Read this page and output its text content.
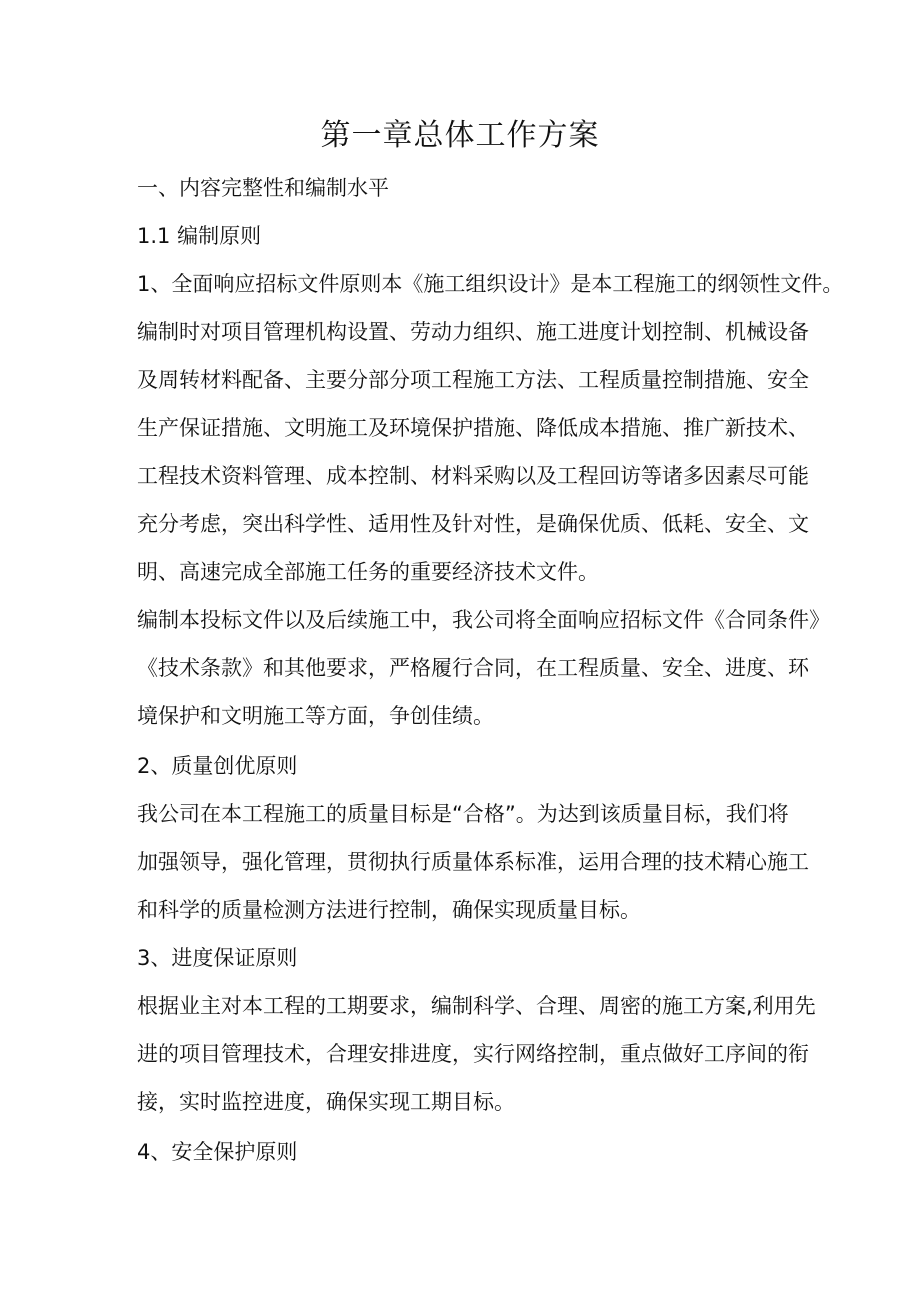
第一章总体工作方案
一、内容完整性和编制水平
1.1 编制原则
1、全面响应招标文件原则本《施工组织设计》是本工程施工的纲领性文件。
编制时对项目管理机构设置、劳动力组织、施工进度计划控制、机械设备
及周转材料配备、主要分部分项工程施工方法、工程质量控制措施、安全
生产保证措施、文明施工及环境保护措施、降低成本措施、推广新技术、
工程技术资料管理、成本控制、材料采购以及工程回访等诸多因素尽可能
充分考虑，突出科学性、适用性及针对性，是确保优质、低耗、安全、文
明、高速完成全部施工任务的重要经济技术文件。
编制本投标文件以及后续施工中，我公司将全面响应招标文件《合同条件》
《技术条款》和其他要求，严格履行合同，在工程质量、安全、进度、环
境保护和文明施工等方面，争创佳绩。
2、质量创优原则
我公司在本工程施工的质量目标是“合格”。为达到该质量目标，我们将
加强领导，强化管理，贯彻执行质量体系标准，运用合理的技术精心施工
和科学的质量检测方法进行控制，确保实现质量目标。
3、进度保证原则
根据业主对本工程的工期要求，编制科学、合理、周密的施工方案,利用先
进的项目管理技术，合理安排进度，实行网络控制，重点做好工序间的衔
接，实时监控进度，确保实现工期目标。
4、安全保护原则
